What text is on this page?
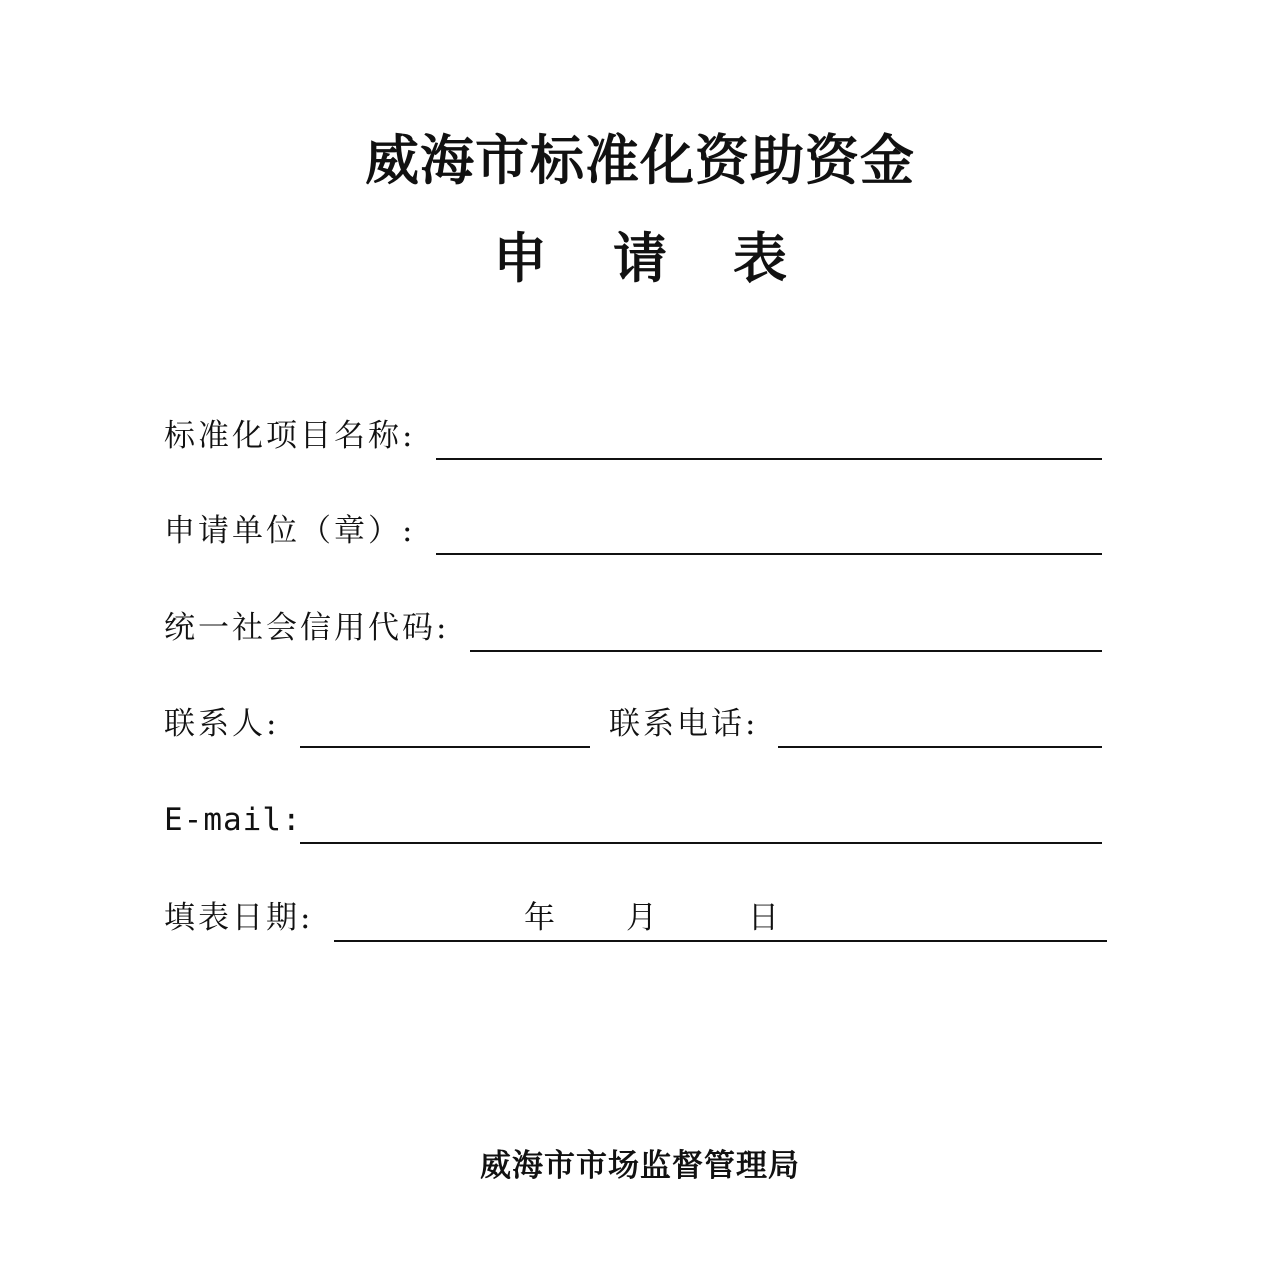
威海市标准化资助资金
申 请 表
标准化项目名称:
申请单位（章）:
统一社会信用代码:
联系人:	联系电话:
E-mail:
填表日期:	年 月	日
威海市市场监督管理局
